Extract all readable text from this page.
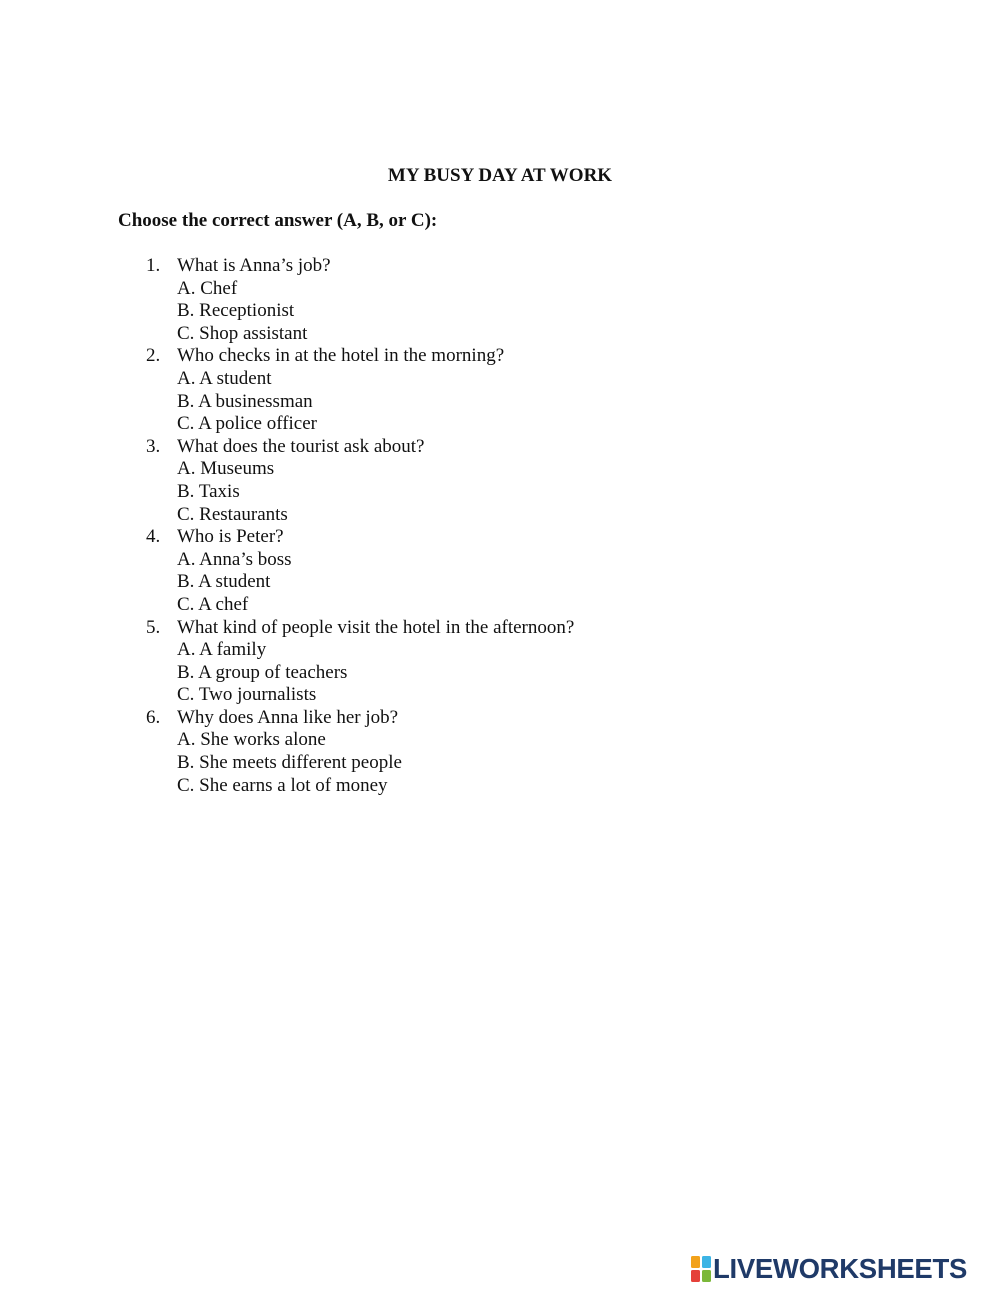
MY BUSY DAY AT WORK
Choose the correct answer (A, B, or C):
1. What is Anna’s job?
A. Chef
B. Receptionist
C. Shop assistant
2. Who checks in at the hotel in the morning?
A. A student
B. A businessman
C. A police officer
3. What does the tourist ask about?
A. Museums
B. Taxis
C. Restaurants
4. Who is Peter?
A. Anna’s boss
B. A student
C. A chef
5. What kind of people visit the hotel in the afternoon?
A. A family
B. A group of teachers
C. Two journalists
6. Why does Anna like her job?
A. She works alone
B. She meets different people
C. She earns a lot of money
LIVEWORKSHEETS
